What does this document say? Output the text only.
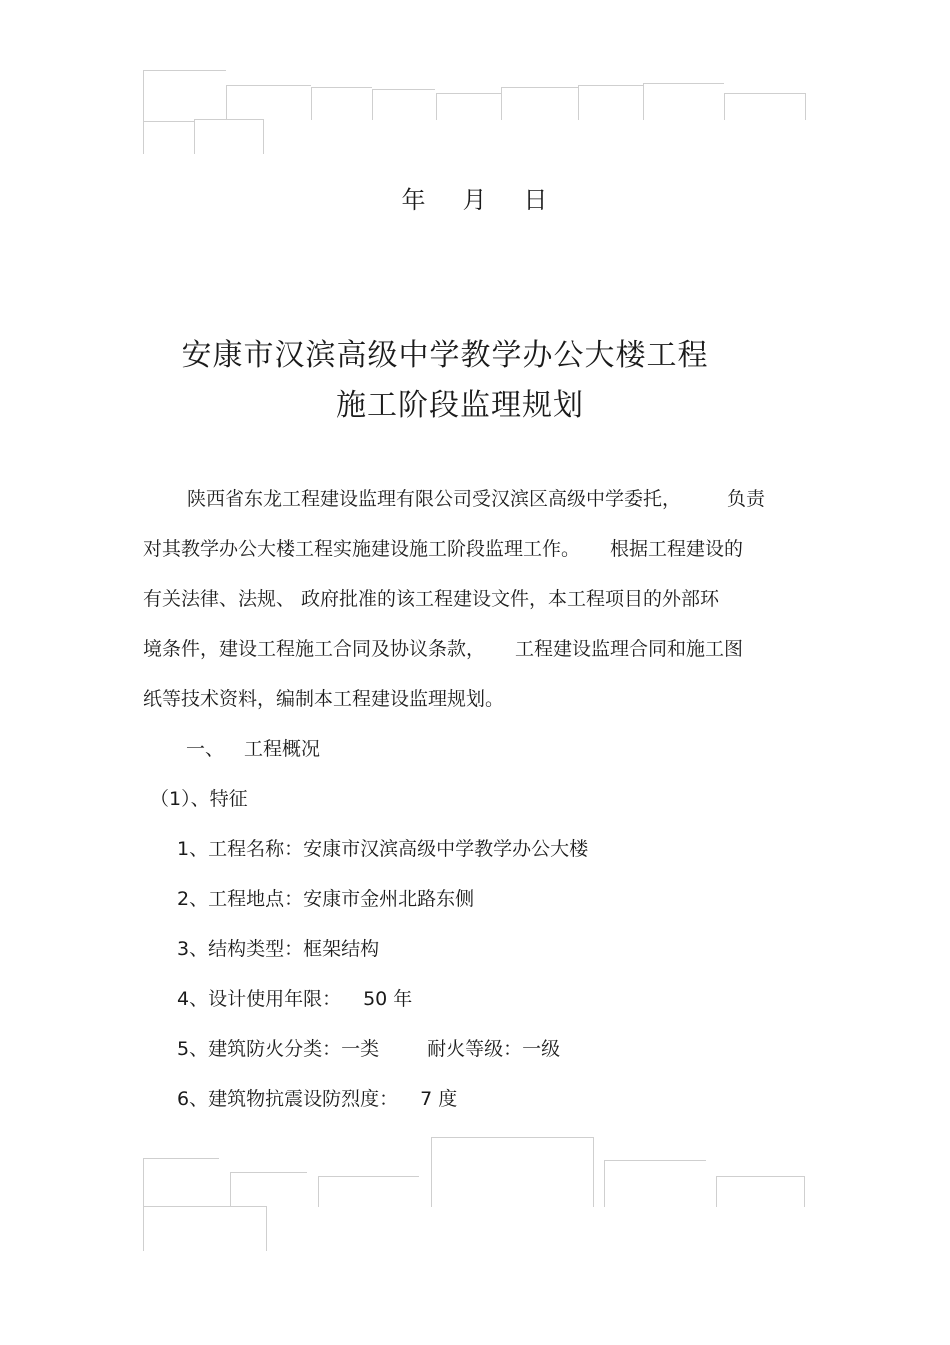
年 月 日
安康市汉滨高级中学教学办公大楼工程
施工阶段监理规划
陕西省东龙工程建设监理有限公司受汉滨区高级中学委托， 负责
对其教学办公大楼工程实施建设施工阶段监理工作。 根据工程建设的
有关法律、法规、 政府批准的该工程建设文件，本工程项目的外部环
境条件，建设工程施工合同及协议条款， 工程建设监理合同和施工图
纸等技术资料，编制本工程建设监理规划。
一、 工程概况
（1）、特征
1、工程名称：安康市汉滨高级中学教学办公大楼
2、工程地点：安康市金州北路东侧
3、结构类型：框架结构
4、设计使用年限： 50 年
5、建筑防火分类：一类	耐火等级：一级
6、建筑物抗震设防烈度： 7 度
